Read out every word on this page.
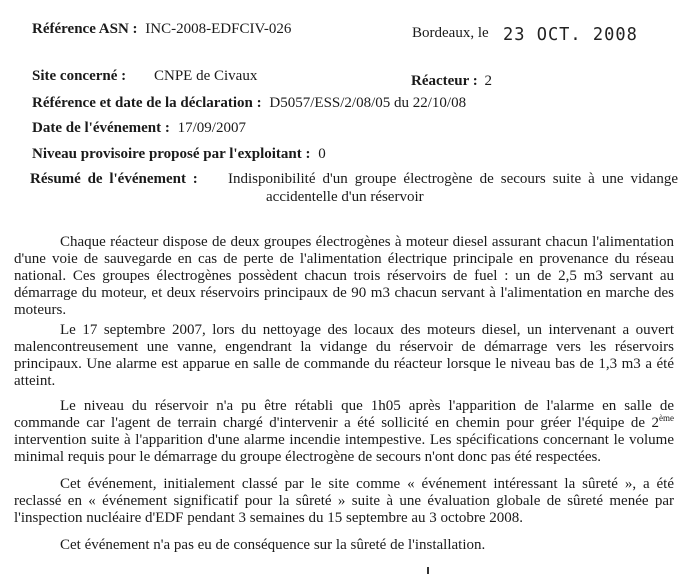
Référence ASN : INC-2008-EDFCIV-026	Bordeaux, le 23 OCT. 2008
Site concerné : CNPE de Civaux	Réacteur : 2
Référence et date de la déclaration : D5057/ESS/2/08/05 du 22/10/08
Date de l'événement : 17/09/2007
Niveau provisoire proposé par l'exploitant : 0
Résumé de l'événement : Indisponibilité d'un groupe électrogène de secours suite à une vidange
accidentelle d'un réservoir

Chaque réacteur dispose de deux groupes électrogènes à moteur diesel assurant chacun l'alimentation d'une voie de sauvegarde en cas de perte de l'alimentation électrique principale en provenance du réseau national. Ces groupes électrogènes possèdent chacun trois réservoirs de fuel : un de 2,5 m3 servant au démarrage du moteur, et deux réservoirs principaux de 90 m3 chacun servant à l'alimentation en marche des moteurs.

Le 17 septembre 2007, lors du nettoyage des locaux des moteurs diesel, un intervenant a ouvert malencontreusement une vanne, engendrant la vidange du réservoir de démarrage vers les réservoirs principaux. Une alarme est apparue en salle de commande du réacteur lorsque le niveau bas de 1,3 m3 a été atteint.

Le niveau du réservoir n'a pu être rétabli que 1h05 après l'apparition de l'alarme en salle de commande car l'agent de terrain chargé d'intervenir a été sollicité en chemin pour gréer l'équipe de 2ème intervention suite à l'apparition d'une alarme incendie intempestive. Les spécifications concernant le volume minimal requis pour le démarrage du groupe électrogène de secours n'ont donc pas été respectées.

Cet événement, initialement classé par le site comme « événement intéressant la sûreté », a été reclassé en « événement significatif pour la sûreté » suite à une évaluation globale de sûreté menée par l'inspection nucléaire d'EDF pendant 3 semaines du 15 septembre au 3 octobre 2008.

Cet événement n'a pas eu de conséquence sur la sûreté de l'installation.
